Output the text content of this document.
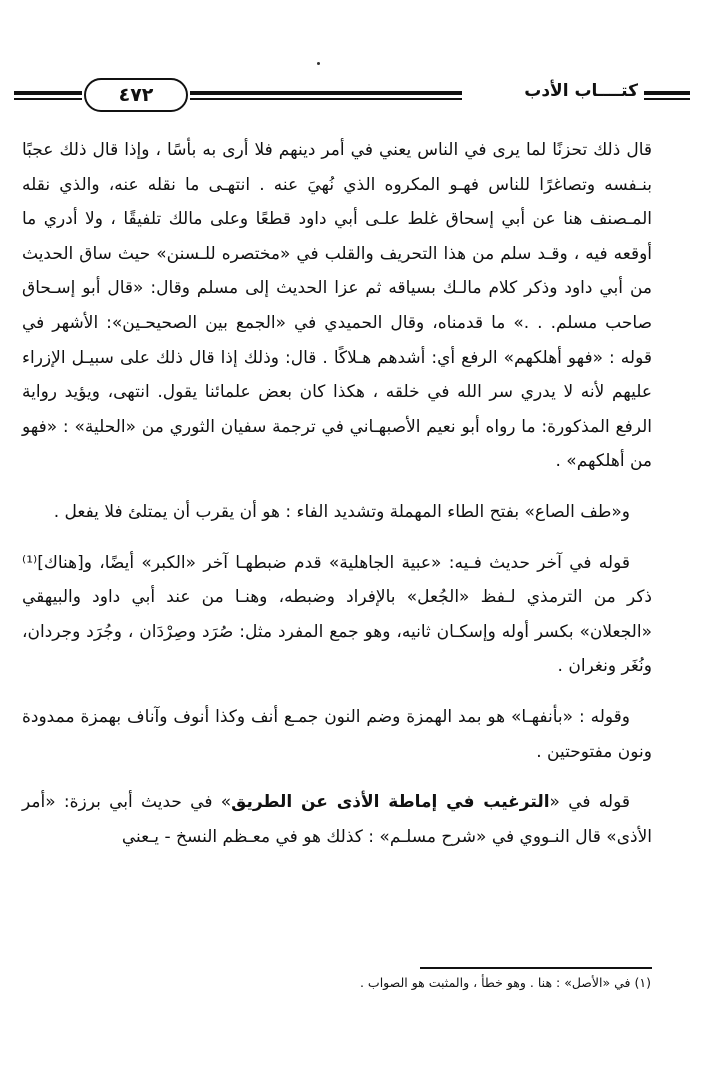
٤٧٢	كتــــاب الأدب

قال ذلك تحزنًا لما يرى في الناس يعني في أمر دينهم فلا أرى به بأسًا ، وإذا قال ذلك عجبًا بنـفسه وتصاغرًا للناس فهـو المكروه الذي نُهيَ عنه . انتهـى ما نقله عنه، والذي نقله المـصنف هنا عن أبي إسحاق غلط علـى أبي داود قطعًا وعلى مالك تلفيقًا ، ولا أدري ما أوقعه فيه ، وقـد سلم من هذا التحريف والقلب في «مختصره للـسنن» حيث ساق الحديث من أبي داود وذكر كلام مالـك بسياقه ثم عزا الحديث إلى مسلم وقال: «قال أبو إسـحاق صاحب مسلم. . .» ما قدمناه، وقال الحميدي في «الجمع بين الصحيحـين»: الأشهر في قوله : «فهو أهلكهم» الرفع أي: أشدهم هـلاكًا . قال: وذلك إذا قال ذلك على سبيـل الإزراء عليهم لأنه لا يدري سر الله في خلقه ، هكذا كان بعض علمائنا يقول. انتهى، ويؤيد رواية الرفع المذكورة: ما رواه أبو نعيم الأصبهـاني في ترجمة سفيان الثوري من «الحلية» : «فهو من أهلكهم» .

و«طف الصاع» بفتح الطاء المهملة وتشديد الفاء : هو أن يقرب أن يمتلئ فلا يفعل .

قوله في آخر حديث فـيه: «عبية الجاهلية» قدم ضبطهـا آخر «الكبر» أيضًا، و[هناك]⁽¹⁾ ذكر من الترمذي لـفظ «الجُعل» بالإفراد وضبطه، وهنـا من عند أبي داود والبيهقي «الجعلان» بكسر أوله وإسكـان ثانيه، وهو جمع المفرد مثل: صُرَد وصِرْدَان ، وجُرَد وجردان، ونُغَر ونغران .

وقوله : «بأنفهـا» هو بمد الهمزة وضم النون جمـع أنف وكذا أنوف وآناف بهمزة ممدودة ونون مفتوحتين .

قوله في «الترغيب في إماطة الأذى عن الطريق» في حديث أبي برزة: «أمر الأذى» قال النـووي في «شرح مسلـم» : كذلك هو في معـظم النسخ - يـعني

(١) في «الأصل» : هنا . وهو خطأ ، والمثبت هو الصواب .
